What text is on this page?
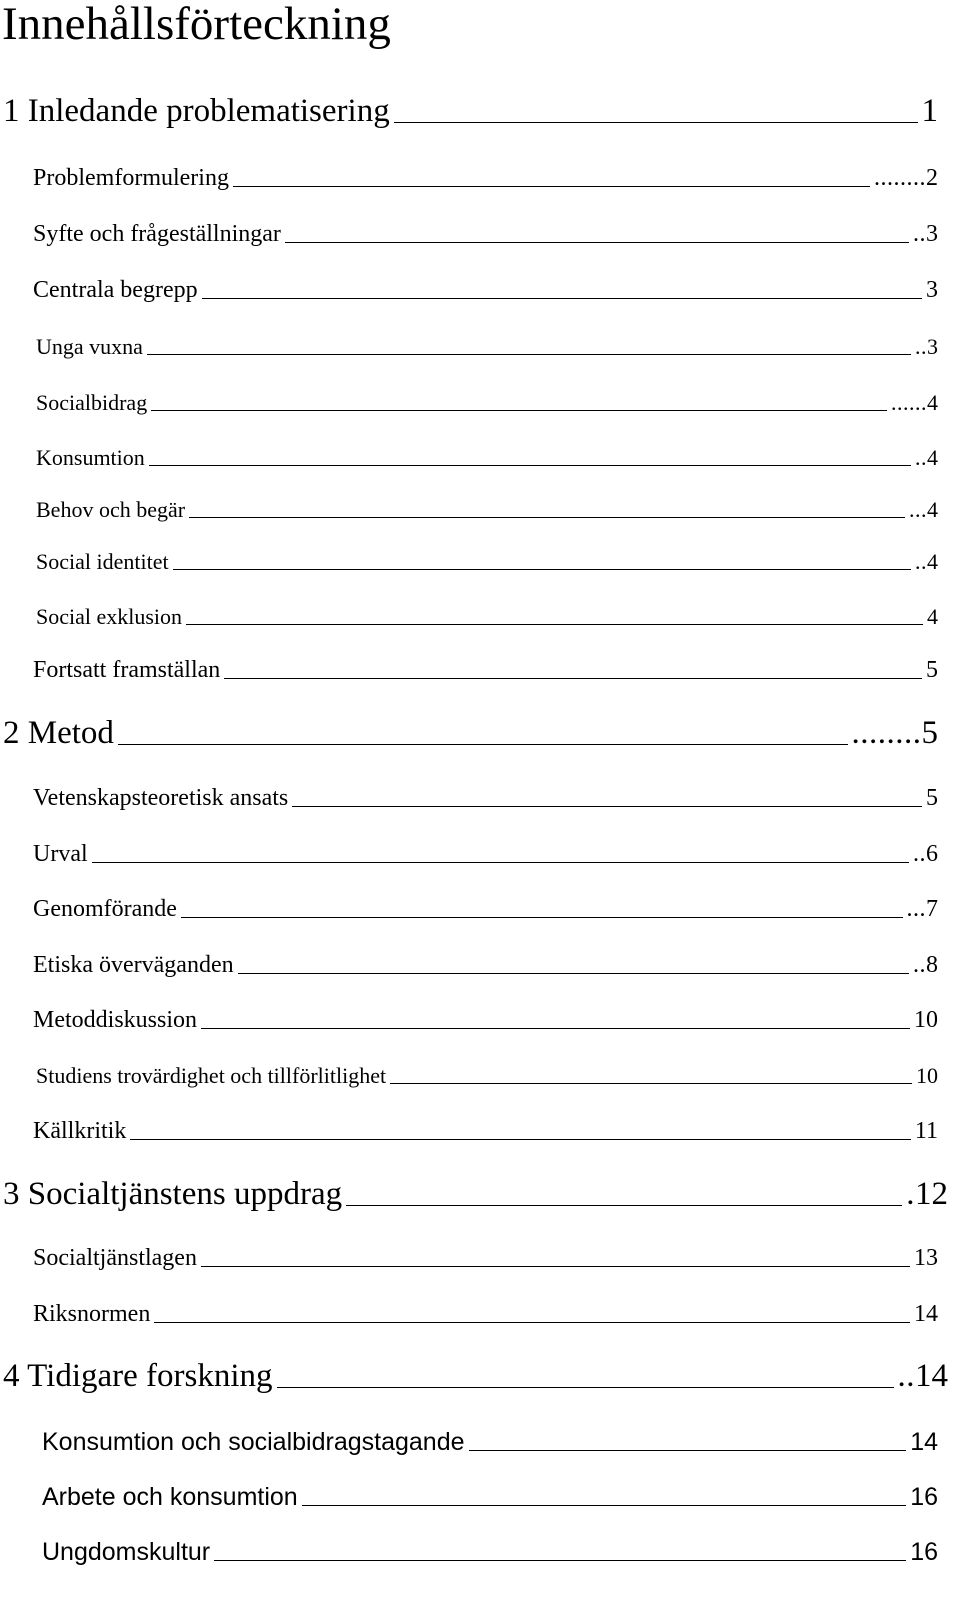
Innehållsförteckning
1 Inledande problematisering	1
Problemformulering	........ 2
Syfte och frågeställningar	.. 3
Centrala begrepp	3
Unga vuxna	.. 3
Socialbidrag	...... 4
Konsumtion	.. 4
Behov och begär	... 4
Social identitet	.. 4
Social exklusion	4
Fortsatt framställan	5
2 Metod	........ 5
Vetenskapsteoretisk ansats	5
Urval	.. 6
Genomförande	... 7
Etiska överväganden	.. 8
Metoddiskussion	10
Studiens trovärdighet och tillförlitlighet	10
Källkritik	11
3 Socialtjänstens uppdrag	. 12
Socialtjänstlagen	13
Riksnormen	14
4 Tidigare forskning	.. 14
Konsumtion och socialbidragstagande	14
Arbete och konsumtion	16
Ungdomskultur	16
